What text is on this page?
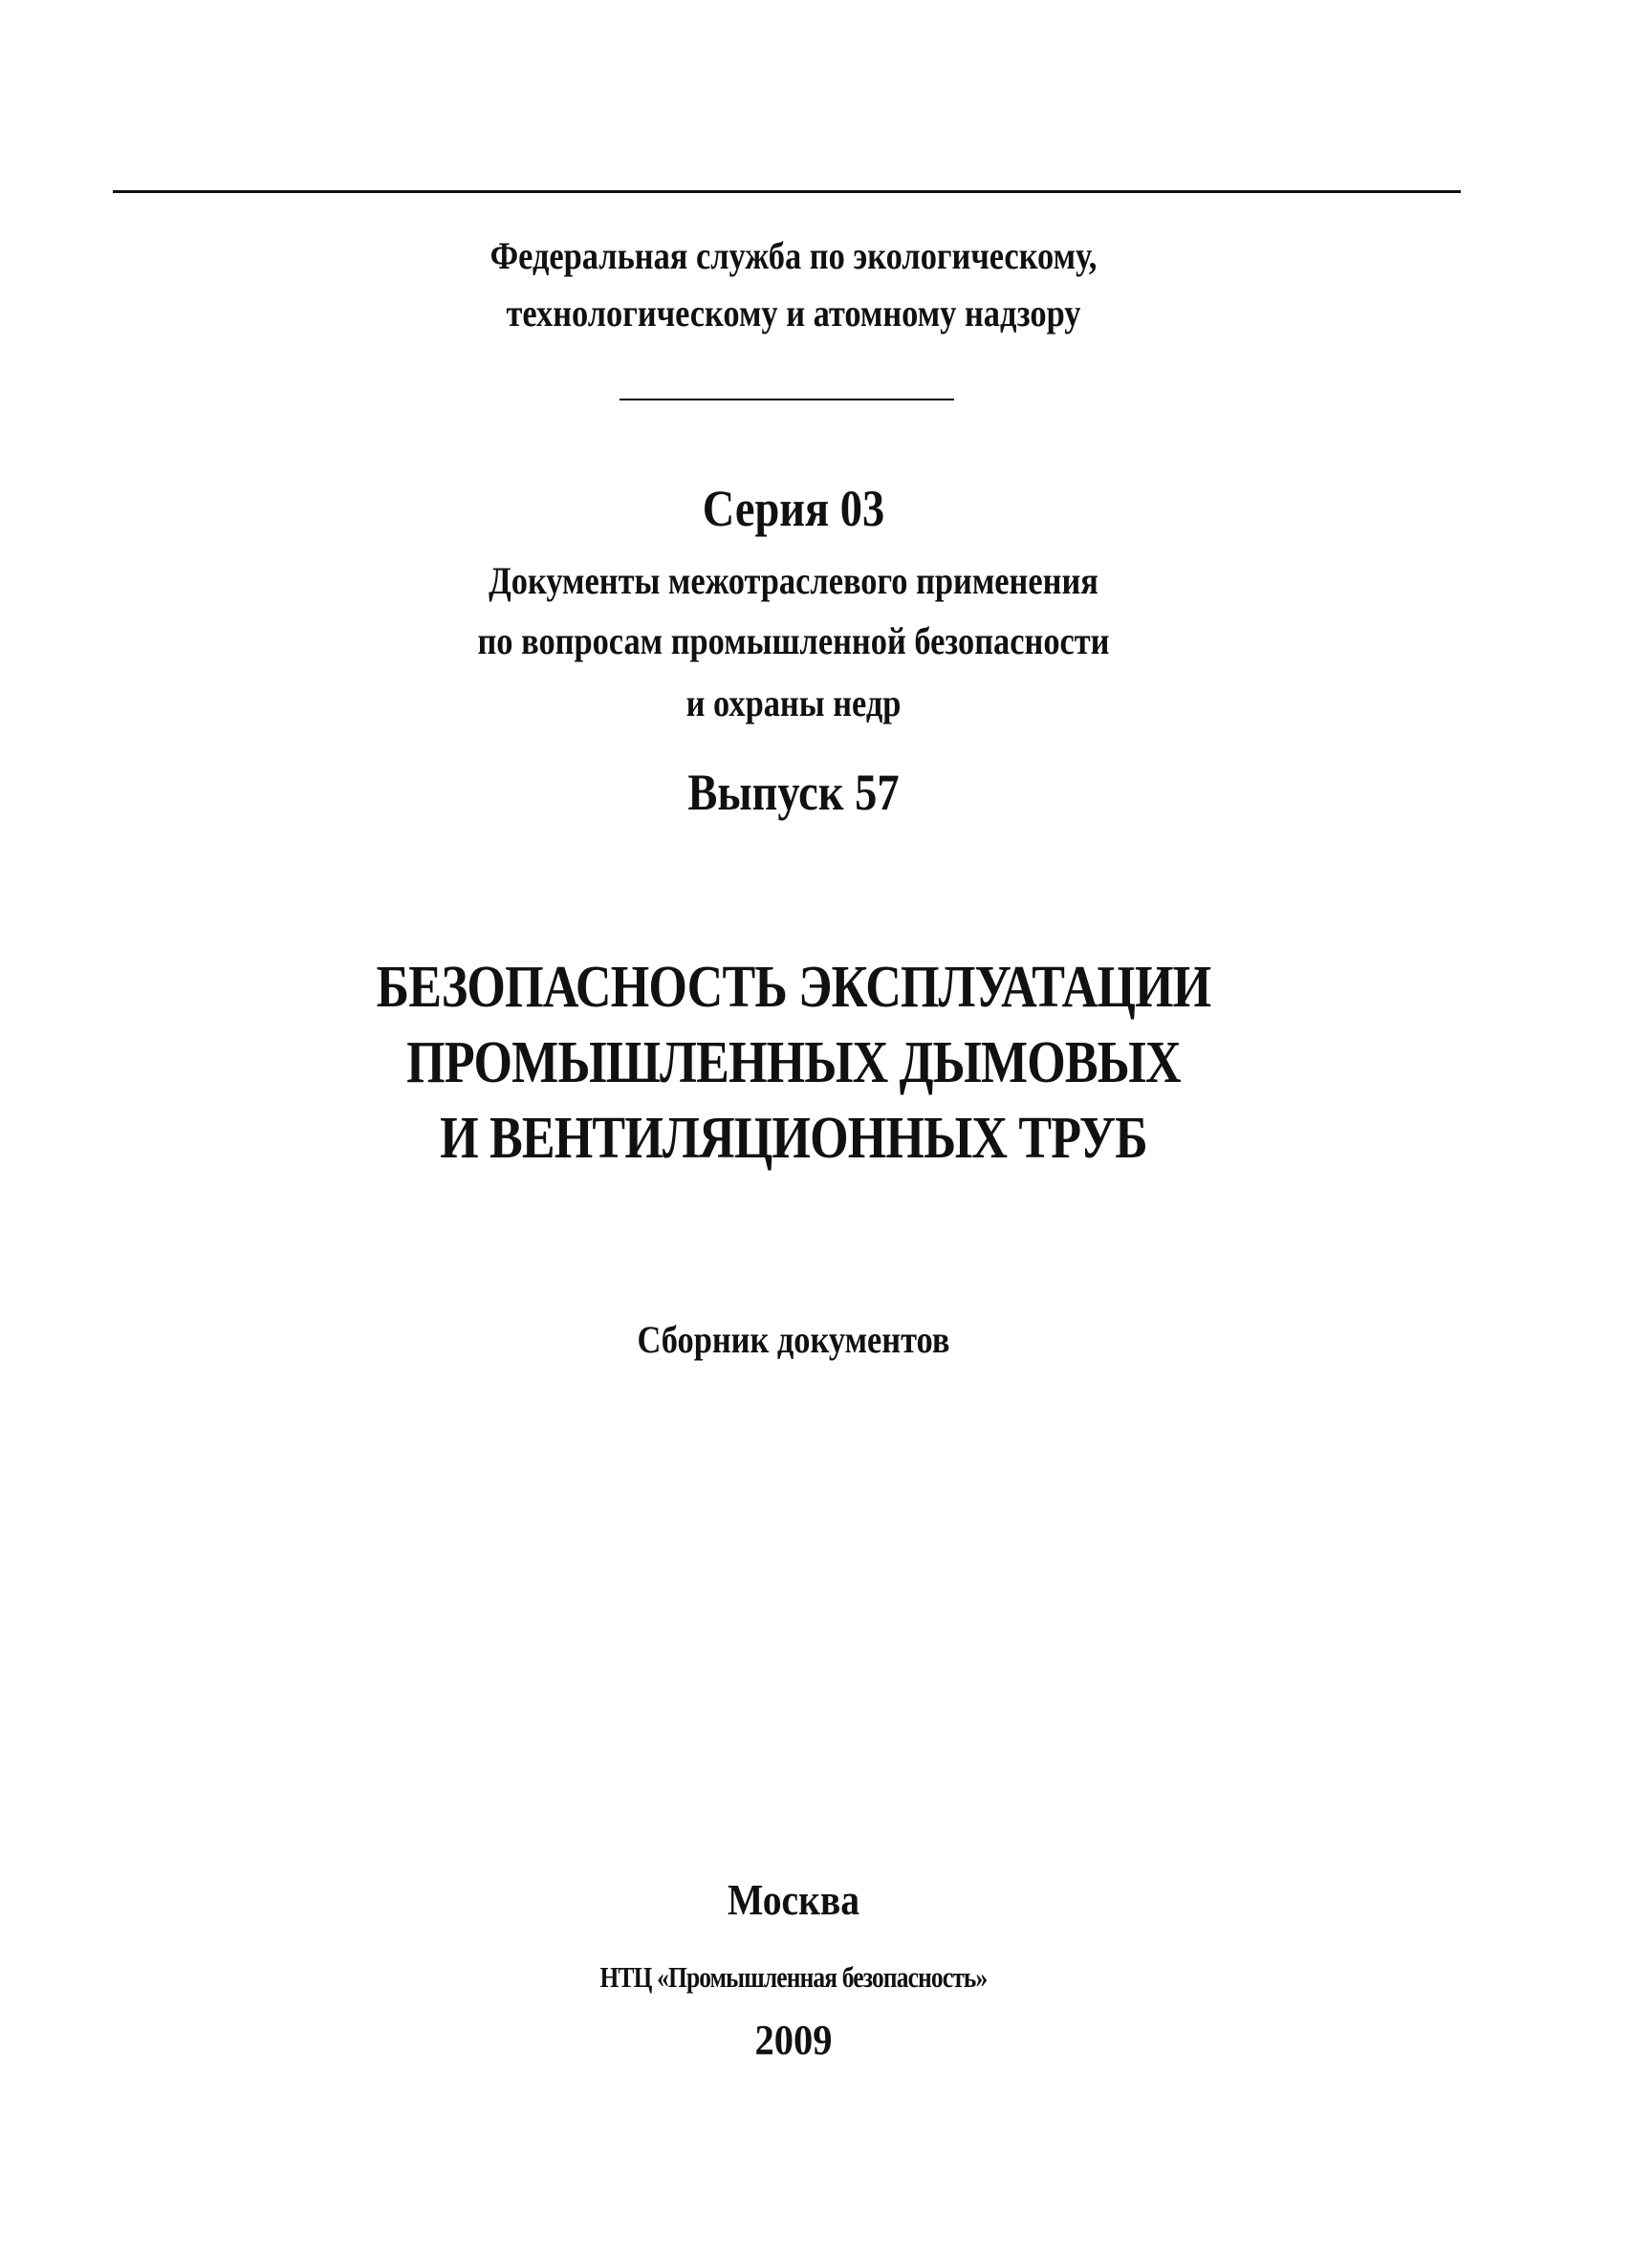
Федеральная служба по экологическому,
технологическому и атомному надзору
Серия 03
Документы межотраслевого применения
по вопросам промышленной безопасности
и охраны недр
Выпуск 57
БЕЗОПАСНОСТЬ ЭКСПЛУАТАЦИИ
ПРОМЫШЛЕННЫХ ДЫМОВЫХ
И ВЕНТИЛЯЦИОННЫХ ТРУБ
Сборник документов
Москва
НТЦ «Промышленная безопасность»
2009
